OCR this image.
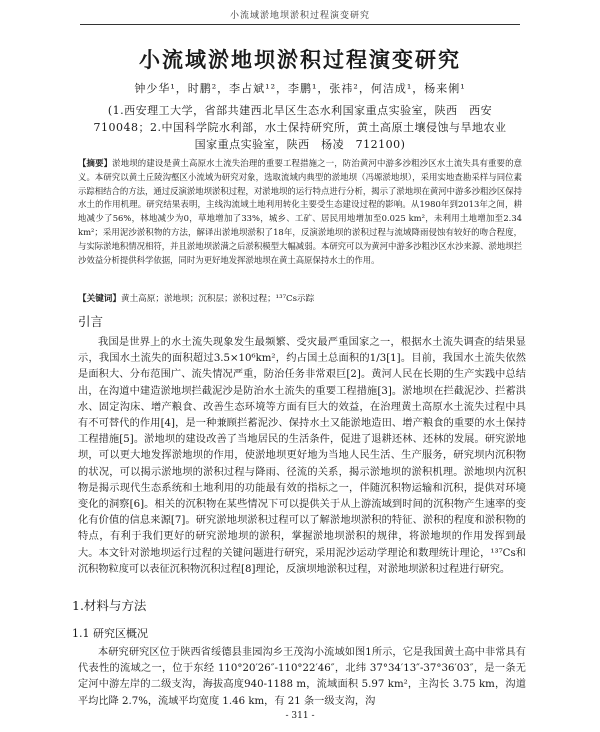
小流域淤地坝淤积过程演变研究
小流域淤地坝淤积过程演变研究
钟少华¹，时鹏²，李占斌¹²，李鹏¹，张祎²，何洁成¹，杨来俐¹
(1.西安理工大学，省部共建西北旱区生态水利国家重点实验室，陕西　西安
710048；2.中国科学院水利部，水土保持研究所，黄土高原土壤侵蚀与旱地农业
国家重点实验室，陕西　杨凌　712100)
【摘要】淤地坝的建设是黄土高原水土流失治理的重要工程措施之一，防治黄河中游多沙粗沙区水土流失具有重要的意义。本研究以黄土丘陵沟壑区小流域为研究对象，选取流域内典型的淤地坝（冯塬淤地坝），采用实地查勘采样与同位素示踪相结合的方法，通过反演淤地坝淤积过程，对淤地坝的运行特点进行分析，揭示了淤地坝在黄河中游多沙粗沙区保持水土的作用机理。研究结果表明，主线沟流域土地利用转化主要受生态建设过程的影响。从1980年到2013年之间，耕地减少了56%，林地减少为0，草地增加了33%，城乡、工矿、居民用地增加至0.025 km²，未利用土地增加至2.34 km²；采用泥沙淤积物的方法，解译出淤地坝淤积了18年，反演淤地坝的淤积过程与流域降雨侵蚀有较好的吻合程度，与实际淤地积情况相符，并且淤地坝淤满之后淤积模型大幅减弱。本研究可以为黄河中游多沙粗沙区水沙来源、淤地坝拦沙效益分析提供科学依据，同时为更好地发挥淤地坝在黄土高原保持水土的作用。
【关键词】黄土高原；淤地坝；沉积层；淤积过程；¹³⁷Cs示踪
引言

我国是世界上的水土流失现象发生最频繁、受灾最严重国家之一，根据水土流失调查的结果显示，我国水土流失的面积超过3.5×10⁶km²，约占国土总面积的1/3[1]。目前，我国水土流失依然是面积大、分布范围广、流失情况严重，防治任务非常艰巨[2]。黄河人民在长期的生产实践中总结出，在沟道中建造淤地坝拦截泥沙是防治水土流失的重要工程措施[3]。淤地坝在拦截泥沙、拦蓄洪水、固定沟床、增产粮食、改善生态环境等方面有巨大的效益，在治理黄土高原水土流失过程中具有不可替代的作用[4]，是一种兼顾拦蓄泥沙、保持水土又能淤地造田、增产粮食的重要的水土保持工程措施[5]。淤地坝的建设改善了当地居民的生活条件，促进了退耕还林、还林的发展。研究淤地坝，可以更大地发挥淤地坝的作用，使淤地坝更好地为当地人民生活、生产服务，研究坝内沉积物的状况，可以揭示淤地坝的淤积过程与降雨、径流的关系，揭示淤地坝的淤积机理。淤地坝内沉积物是揭示现代生态系统和土地利用的功能最有效的指标之一，伴随沉积物运输和沉积，提供对环境变化的洞察[6]。相关的沉积物在某些情况下可以提供关于从上游流域到时间的沉积物产生速率的变化有价值的信息来源[7]。研究淤地坝淤积过程可以了解淤地坝淤积的特征、淤积的程度和淤积物的特点，有利于我们更好的研究淤地坝的淤积，掌握淤地坝淤积的规律，将淤地坝的作用发挥到最大。本文针对淤地坝运行过程的关键问题进行研究，采用泥沙运动学理论和数理统计理论，¹³⁷Cs和沉积物粒度可以表征沉积物沉积过程[8]理论，反演坝地淤积过程，对淤地坝淤积过程进行研究。

1.材料与方法
1.1 研究区概况

本研究研究区位于陕西省绥德县韭园沟乡王茂沟小流域如图1所示，它是我国黄土高中非常具有代表性的流域之一，位于东经 110°20′26″-110°22′46″，北纬 37°34′13″-37°36′03″，是一条无定河中游左岸的二级支沟，海拔高度940-1188 m，流域面积 5.97 km²，主沟长 3.75 km，沟道平均比降 2.7%，流域平均宽度 1.46 km，有 21 条一级支沟，沟

- 311 -
